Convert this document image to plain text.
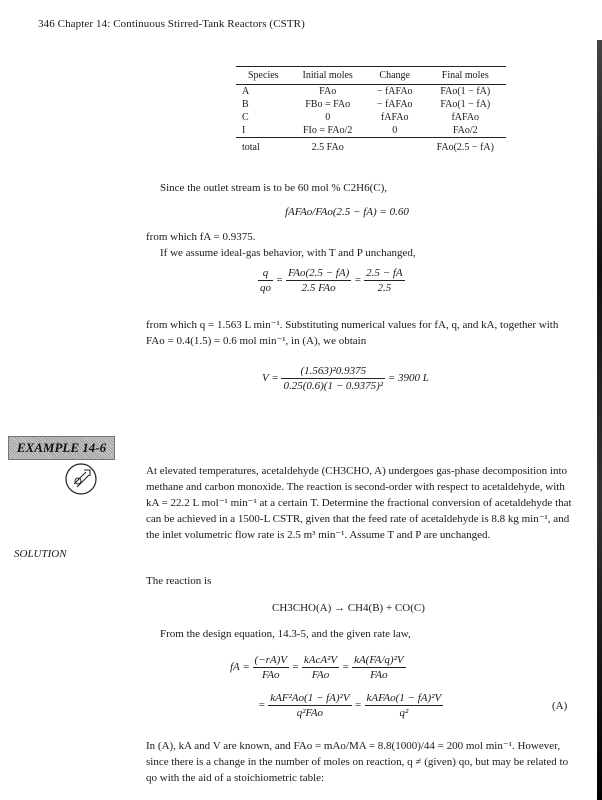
346 Chapter 14: Continuous Stirred-Tank Reactors (CSTR)
Species	Initial moles	Change	Final moles
A	FAo	− fAFAo	FAo(1 − fA)
B	FBo = FAo	− fAFAo	FAo(1 − fA)
C	0	fAFAo	fAFAo
I	FIo = FAo/2	0	FAo/2
total	2.5 FAo		FAo(2.5 − fA)
Since the outlet stream is to be 60 mol % C2H6(C),
fAFAo/FAo(2.5 − fA) = 0.60
from which fA = 0.9375.
If we assume ideal-gas behavior, with T and P unchanged,
$\frac{q}{qo} = \frac{\text{FAo(2.5 − fA)}}{\text{2.5 FAo}} = \frac{2.5 - fA}{2.5}$
from which q = 1.563 L min⁻¹. Substituting numerical values for fA, q, and kA, together with FAo = 0.4(1.5) = 0.6 mol min⁻¹, in (A), we obtain
$V = \frac{\text{(1.563)²0.9375}}{\text{0.25(0.6)(1 − 0.9375)²}} = 3900$ L
EXAMPLE 14-6
At elevated temperatures, acetaldehyde (CH3CHO, A) undergoes gas-phase decomposition into methane and carbon monoxide. The reaction is second-order with respect to acetaldehyde, with kA = 22.2 L mol⁻¹ min⁻¹ at a certain T. Determine the fractional conversion of acetaldehyde that can be achieved in a 1500-L CSTR, given that the feed rate of acetaldehyde is 8.8 kg min⁻¹, and the inlet volumetric flow rate is 2.5 m³ min⁻¹. Assume T and P are unchanged.
SOLUTION
The reaction is
CH3CHO(A) → CH4(B) + CO(C)
From the design equation, 14.3-5, and the given rate law,
fA = $\frac{(-rA)V}{\text{FAo}} = \frac{\text{kAcA²V}}{\text{FAo}} = \frac{\text{kA(FA/q)²V}}{\text{FAo}}$
= $\frac{\text{kAF²Ao(1 − fA)²V}}{\text{q²FAo}} = \frac{\text{kAFAo(1 − fA)²V}}{\text{q²}}$	(A)
In (A), kA and V are known, and FAo = mAo/MA = 8.8(1000)/44 = 200 mol min⁻¹. However, since there is a change in the number of moles on reaction, q ≠ (given) qo, but may be related to qo with the aid of a stoichiometric table:
